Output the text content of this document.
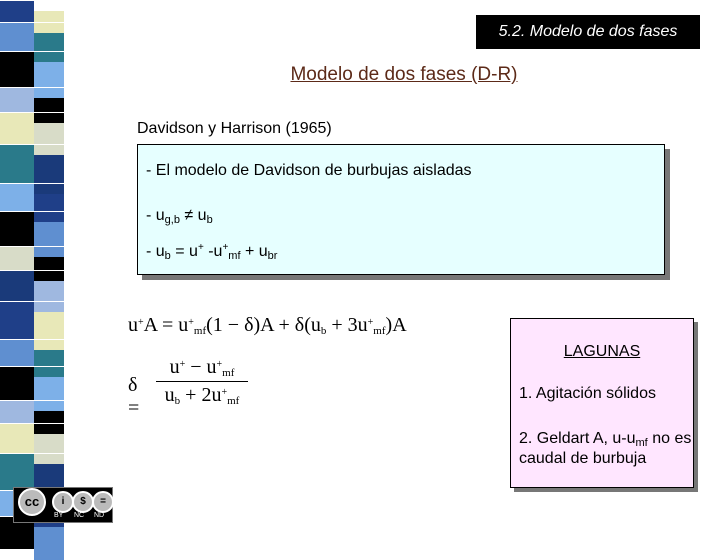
5.2. Modelo de dos fases
Modelo de dos fases (D-R)
Davidson y Harrison (1965)
- El modelo de Davidson de burbujas aisladas
- $u_{g,b} \ne u_b$
- $u_b = u^+$ $-u^+_{mf} + u_{br}$
$u^+A = u^+_{mf}(1 - \delta)A + \delta(u_b + 3u^+_{mf})A$
δ =
$u^+ - u^+_{mf}$
$u_b + 2u^+_{mf}$
LAGUNAS
1. Agitación sólidos
2. Geldart A, $u-u_{mf}$ no es caudal de burbuja
cc	i	$	=
BY NC ND
